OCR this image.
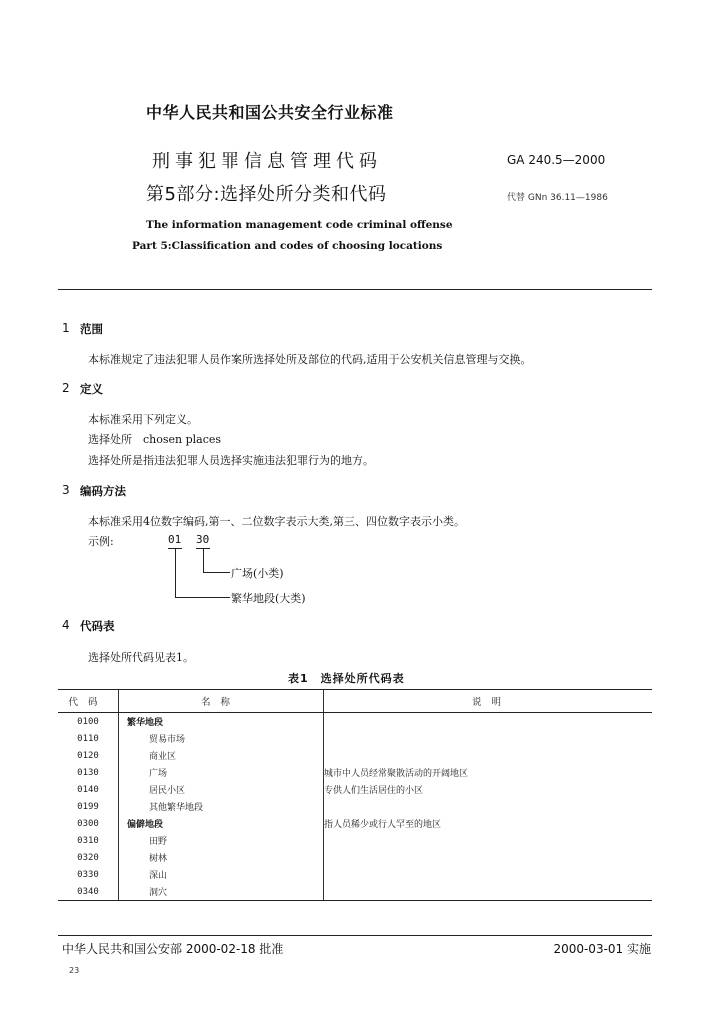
中华人民共和国公共安全行业标准
刑事犯罪信息管理代码
第5部分:选择处所分类和代码
GA 240.5—2000
代替 GNn 36.11—1986
The information management code criminal offense
Part 5:Classification and codes of choosing locations
1 范围
本标准规定了违法犯罪人员作案所选择处所及部位的代码,适用于公安机关信息管理与交换。
2 定义
本标准采用下列定义。
选择处所　chosen places
选择处所是指违法犯罪人员选择实施违法犯罪行为的地方。
3 编码方法
本标准采用4位数字编码,第一、二位数字表示大类,第三、四位数字表示小类。
示例:	01 30
广场(小类)
繁华地段(大类)
4 代码表
选择处所代码见表1。
表1　选择处所代码表
代码	名称	说明
0100	繁华地段	
0110	贸易市场	
0120	商业区	
0130	广场	城市中人员经常聚散活动的开阔地区
0140	居民小区	专供人们生活居住的小区
0199	其他繁华地段	
0300	偏僻地段	指人员稀少或行人罕至的地区
0310	田野	
0320	树林	
0330	深山	
0340	洞穴	
中华人民共和国公安部 2000-02-18 批准	2000-03-01 实施
23
